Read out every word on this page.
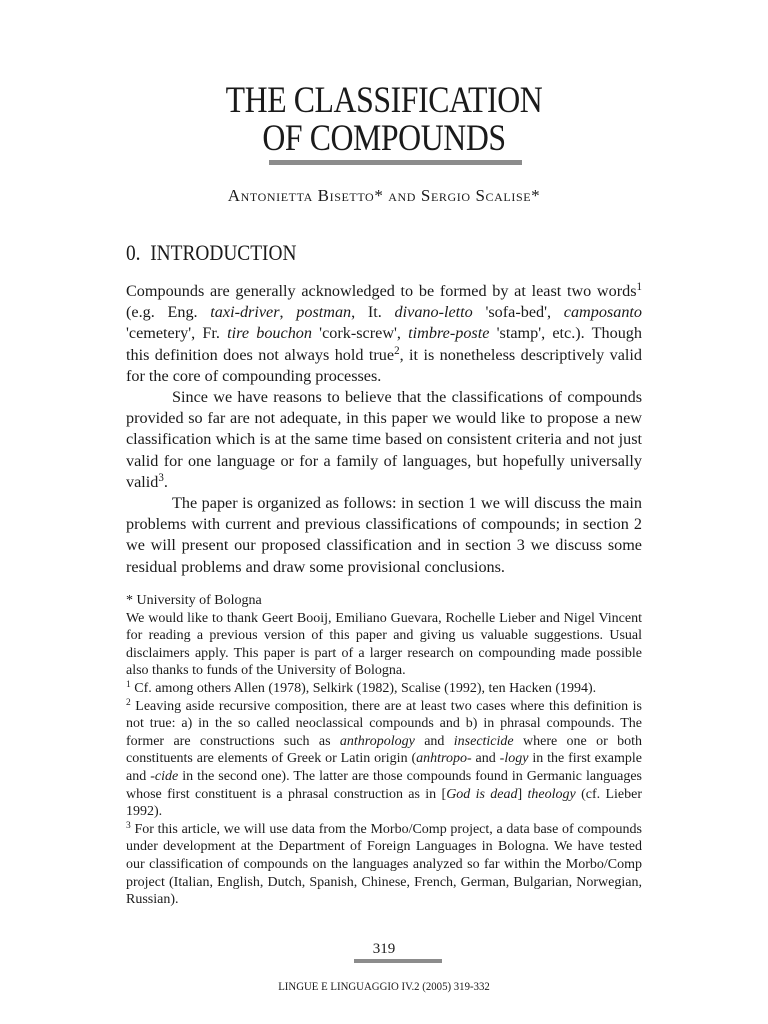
THE CLASSIFICATION
OF COMPOUNDS
Antonietta Bisetto* and Sergio Scalise*
0. INTRODUCTION

Compounds are generally acknowledged to be formed by at least two words$^1$ (e.g. Eng. taxi-driver, postman, It. divano-letto 'sofa-bed', camposanto 'cemetery', Fr. tire bouchon 'cork-screw', timbre-poste 'stamp', etc.). Though this definition does not always hold true$^2$, it is nonetheless descriptively valid for the core of compounding processes.

Since we have reasons to believe that the classifications of compounds provided so far are not adequate, in this paper we would like to propose a new classification which is at the same time based on consistent criteria and not just valid for one language or for a family of languages, but hopefully universally valid$^3$.

The paper is organized as follows: in section 1 we will discuss the main problems with current and previous classifications of compounds; in section 2 we will present our proposed classification and in section 3 we discuss some residual problems and draw some provisional conclusions.

* University of Bologna

We would like to thank Geert Booij, Emiliano Guevara, Rochelle Lieber and Nigel Vincent for reading a previous version of this paper and giving us valuable suggestions. Usual disclaimers apply. This paper is part of a larger research on compounding made possible also thanks to funds of the University of Bologna.

$^1$ Cf. among others Allen (1978), Selkirk (1982), Scalise (1992), ten Hacken (1994).

$^2$ Leaving aside recursive composition, there are at least two cases where this definition is not true: a) in the so called neoclassical compounds and b) in phrasal compounds. The former are constructions such as anthropology and insecticide where one or both constituents are elements of Greek or Latin origin (anhtropo- and -logy in the first example and -cide in the second one). The latter are those compounds found in Germanic languages whose first constituent is a phrasal construction as in [God is dead] theology (cf. Lieber 1992).

$^3$ For this article, we will use data from the Morbo/Comp project, a data base of compounds under development at the Department of Foreign Languages in Bologna. We have tested our classification of compounds on the languages analyzed so far within the Morbo/Comp project (Italian, English, Dutch, Spanish, Chinese, French, German, Bulgarian, Norwegian, Russian).

319
LINGUE E LINGUAGGIO IV.2 (2005) 319-332
